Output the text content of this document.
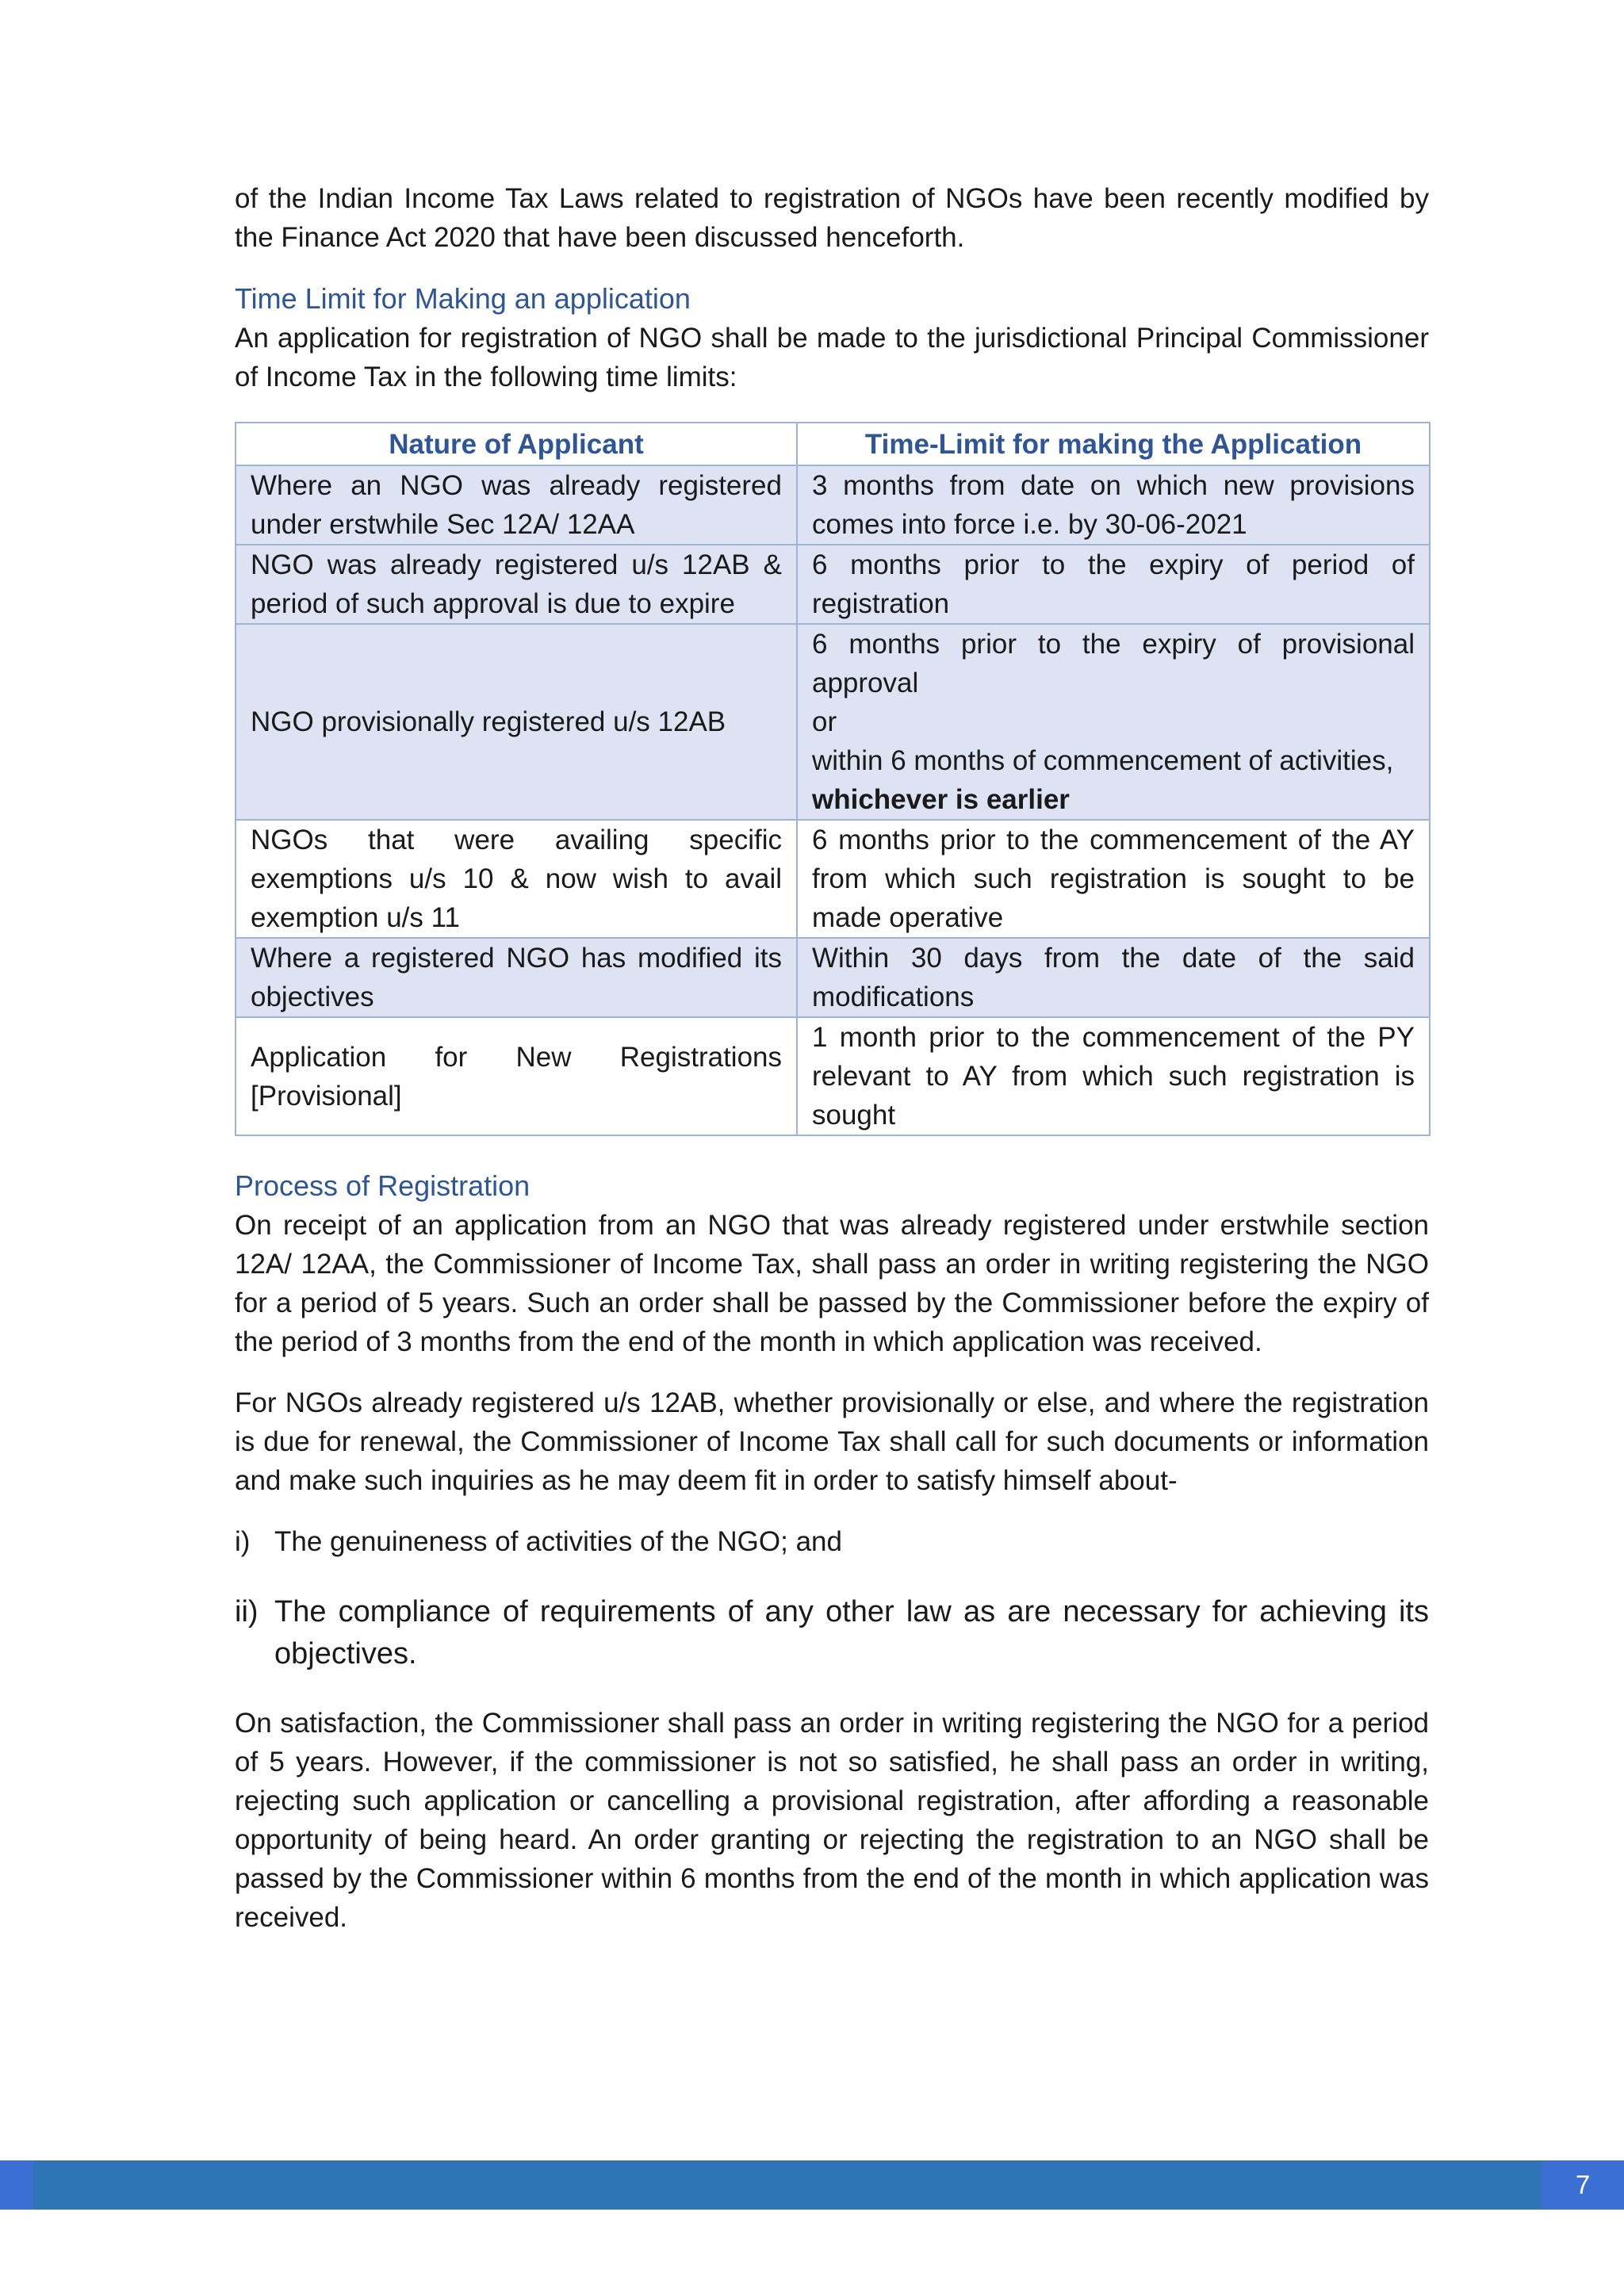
of the Indian Income Tax Laws related to registration of NGOs have been recently modified by the Finance Act 2020 that have been discussed henceforth.

Time Limit for Making an application

An application for registration of NGO shall be made to the jurisdictional Principal Commissioner of Income Tax in the following time limits:

Nature of Applicant	Time-Limit for making the Application
Where an NGO was already registered under erstwhile Sec 12A/ 12AA	3 months from date on which new provisions comes into force i.e. by 30-06-2021
NGO was already registered u/s 12AB & period of such approval is due to expire	6 months prior to the expiry of period of registration
NGO provisionally registered u/s 12AB	6 months prior to the expiry of provisional approval
or
within 6 months of commencement of activities,
whichever is earlier

NGOs that were availing specific exemptions u/s 10 & now wish to avail exemption u/s 11	6 months prior to the commencement of the AY from which such registration is sought to be made operative
Where a registered NGO has modified its objectives	Within 30 days from the date of the said modifications
Application for New Registrations [Provisional]	1 month prior to the commencement of the PY relevant to AY from which such registration is sought
Process of Registration

On receipt of an application from an NGO that was already registered under erstwhile section 12A/ 12AA, the Commissioner of Income Tax, shall pass an order in writing registering the NGO for a period of 5 years. Such an order shall be passed by the Commissioner before the expiry of the period of 3 months from the end of the month in which application was received.

For NGOs already registered u/s 12AB, whether provisionally or else, and where the registration is due for renewal, the Commissioner of Income Tax shall call for such documents or information and make such inquiries as he may deem fit in order to satisfy himself about-

i) The genuineness of activities of the NGO; and
ii) The compliance of requirements of any other law as are necessary for achieving its objectives.

On satisfaction, the Commissioner shall pass an order in writing registering the NGO for a period of 5 years. However, if the commissioner is not so satisfied, he shall pass an order in writing, rejecting such application or cancelling a provisional registration, after affording a reasonable opportunity of being heard. An order granting or rejecting the registration to an NGO shall be passed by the Commissioner within 6 months from the end of the month in which application was received.

7
